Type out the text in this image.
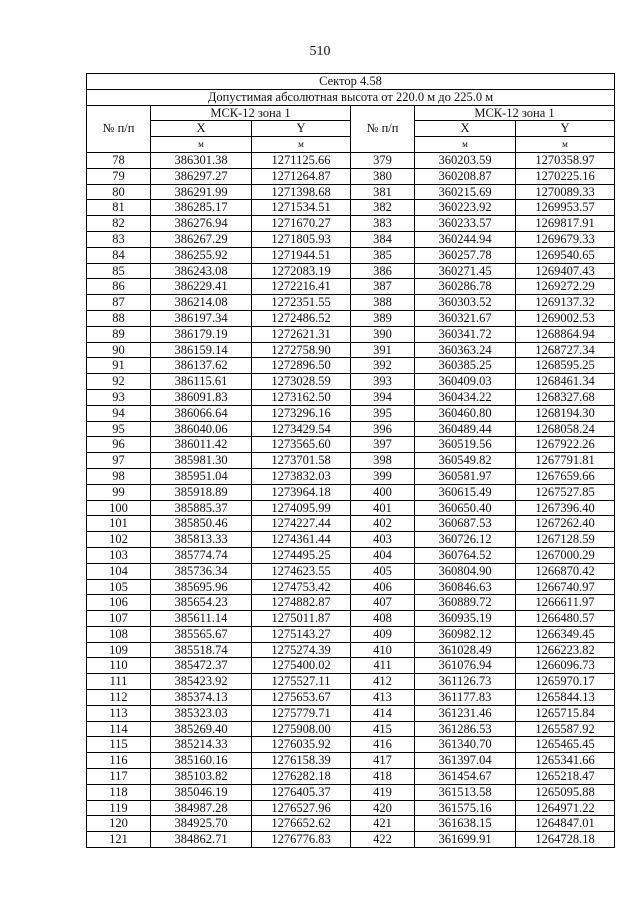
510
Сектор 4.58					
Допустимая абсолютная высота от 220.0 м до 225.0 м					
№ п/п	МСК-12 зона 1		№ п/п	МСК-12 зона 1	
	X	Y		X	Y
	м	м		м	м
78	386301.38	1271125.66	379	360203.59	1270358.97
79	386297.27	1271264.87	380	360208.87	1270225.16
80	386291.99	1271398.68	381	360215.69	1270089.33
81	386285.17	1271534.51	382	360223.92	1269953.57
82	386276.94	1271670.27	383	360233.57	1269817.91
83	386267.29	1271805.93	384	360244.94	1269679.33
84	386255.92	1271944.51	385	360257.78	1269540.65
85	386243.08	1272083.19	386	360271.45	1269407.43
86	386229.41	1272216.41	387	360286.78	1269272.29
87	386214.08	1272351.55	388	360303.52	1269137.32
88	386197.34	1272486.52	389	360321.67	1269002.53
89	386179.19	1272621.31	390	360341.72	1268864.94
90	386159.14	1272758.90	391	360363.24	1268727.34
91	386137.62	1272896.50	392	360385.25	1268595.25
92	386115.61	1273028.59	393	360409.03	1268461.34
93	386091.83	1273162.50	394	360434.22	1268327.68
94	386066.64	1273296.16	395	360460.80	1268194.30
95	386040.06	1273429.54	396	360489.44	1268058.24
96	386011.42	1273565.60	397	360519.56	1267922.26
97	385981.30	1273701.58	398	360549.82	1267791.81
98	385951.04	1273832.03	399	360581.97	1267659.66
99	385918.89	1273964.18	400	360615.49	1267527.85
100	385885.37	1274095.99	401	360650.40	1267396.40
101	385850.46	1274227.44	402	360687.53	1267262.40
102	385813.33	1274361.44	403	360726.12	1267128.59
103	385774.74	1274495.25	404	360764.52	1267000.29
104	385736.34	1274623.55	405	360804.90	1266870.42
105	385695.96	1274753.42	406	360846.63	1266740.97
106	385654.23	1274882.87	407	360889.72	1266611.97
107	385611.14	1275011.87	408	360935.19	1266480.57
108	385565.67	1275143.27	409	360982.12	1266349.45
109	385518.74	1275274.39	410	361028.49	1266223.82
110	385472.37	1275400.02	411	361076.94	1266096.73
111	385423.92	1275527.11	412	361126.73	1265970.17
112	385374.13	1275653.67	413	361177.83	1265844.13
113	385323.03	1275779.71	414	361231.46	1265715.84
114	385269.40	1275908.00	415	361286.53	1265587.92
115	385214.33	1276035.92	416	361340.70	1265465.45
116	385160.16	1276158.39	417	361397.04	1265341.66
117	385103.82	1276282.18	418	361454.67	1265218.47
118	385046.19	1276405.37	419	361513.58	1265095.88
119	384987.28	1276527.96	420	361575.16	1264971.22
120	384925.70	1276652.62	421	361638.15	1264847.01
121	384862.71	1276776.83	422	361699.91	1264728.18
